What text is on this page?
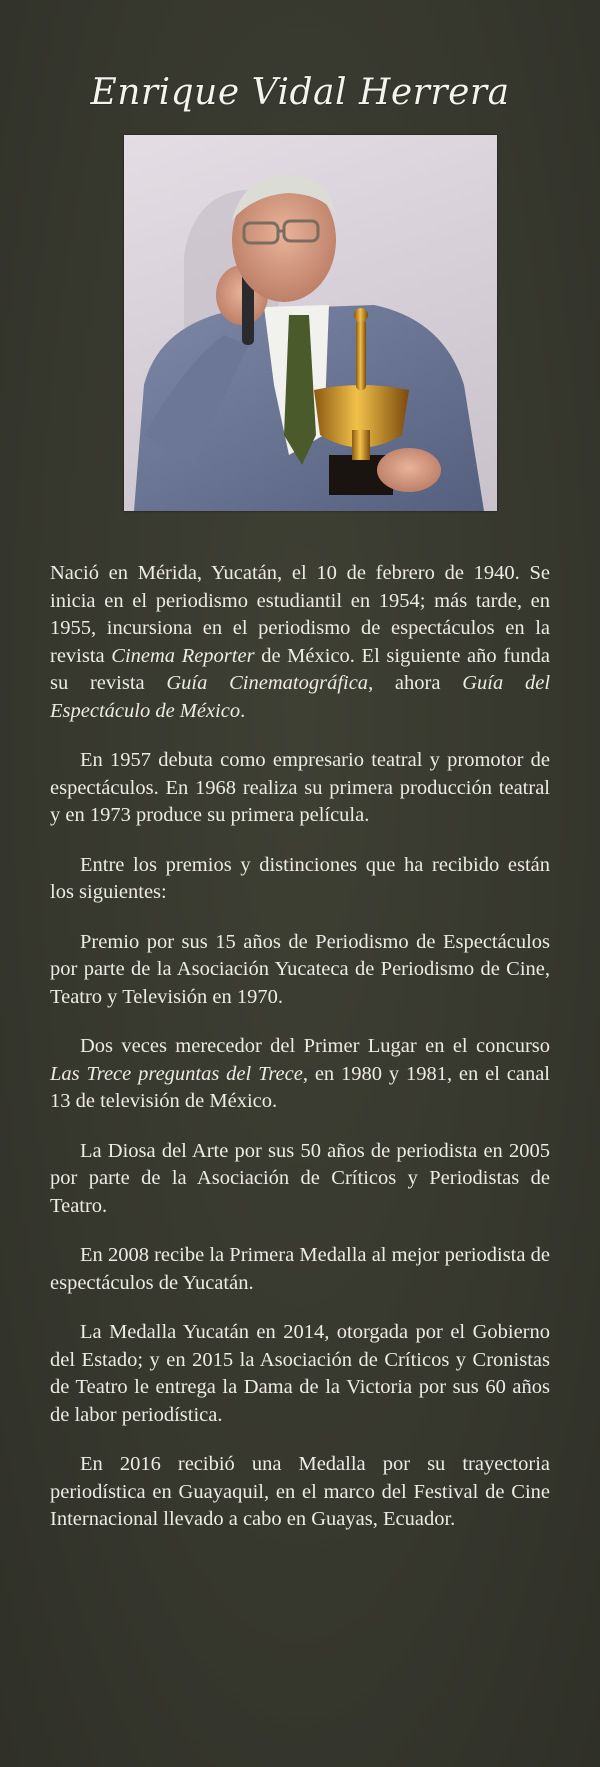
Enrique Vidal Herrera

Nació en Mérida, Yucatán, el 10 de febrero de 1940. Se inicia en el periodismo estudiantil en 1954; más tarde, en 1955, incursiona en el periodismo de espectáculos en la revista Cinema Reporter de México. El siguiente año funda su revista Guía Cinematográfica, ahora Guía del Espectáculo de México.

En 1957 debuta como empresario teatral y promotor de espectáculos. En 1968 realiza su primera producción teatral y en 1973 produce su primera película.

Entre los premios y distinciones que ha recibido están los siguientes:

Premio por sus 15 años de Periodismo de Espectáculos por parte de la Asociación Yucateca de Periodismo de Cine, Teatro y Televisión en 1970.

Dos veces merecedor del Primer Lugar en el concurso Las Trece preguntas del Trece, en 1980 y 1981, en el canal 13 de televisión de México.

La Diosa del Arte por sus 50 años de periodista en 2005 por parte de la Asociación de Críticos y Periodistas de Teatro.

En 2008 recibe la Primera Medalla al mejor periodista de espectáculos de Yucatán.

La Medalla Yucatán en 2014, otorgada por el Gobierno del Estado; y en 2015 la Asociación de Críticos y Cronistas de Teatro le entrega la Dama de la Victoria por sus 60 años de labor periodística.

En 2016 recibió una Medalla por su trayectoria periodística en Guayaquil, en el marco del Festival de Cine Internacional llevado a cabo en Guayas, Ecuador.
